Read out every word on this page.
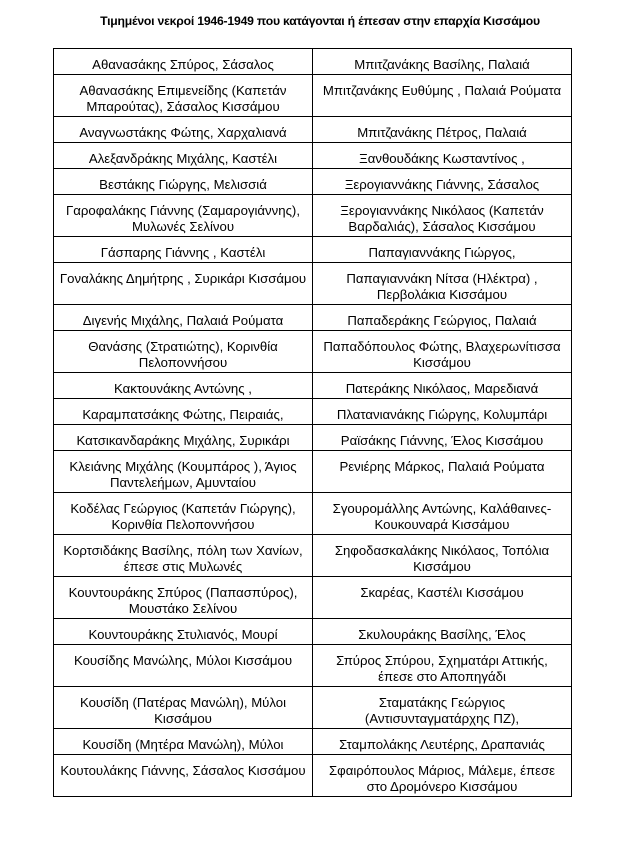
Τιμημένοι νεκροί 1946-1949 που κατάγονται ή έπεσαν στην επαρχία Κισσάμου
Αθανασάκης Σπύρος, Σάσαλος	Μπιτζανάκης Βασίλης, Παλαιά
Αθανασάκης Επιμενείδης (Καπετάν Μπαρούτας), Σάσαλος Κισσάμου	Μπιτζανάκης Ευθύμης , Παλαιά Ρούματα
Αναγνωστάκης Φώτης, Χαρχαλιανά	Μπιτζανάκης Πέτρος, Παλαιά
Αλεξανδράκης Μιχάλης, Καστέλι	Ξανθουδάκης Κωσταντίνος ,
Βεστάκης Γιώργης, Μελισσιά	Ξερογιαννάκης Γιάννης, Σάσαλος
Γαροφαλάκης Γιάννης (Σαμαρογιάννης), Μυλωνές Σελίνου	Ξερογιαννάκης Νικόλαος (Καπετάν Βαρδαλιάς), Σάσαλος Κισσάμου
Γάσπαρης Γιάννης , Καστέλι	Παπαγιαννάκης Γιώργος,
Γοναλάκης Δημήτρης , Συρικάρι Κισσάμου	Παπαγιαννάκη Νίτσα (Ηλέκτρα) , Περβολάκια Κισσάμου
Διγενής Μιχάλης, Παλαιά Ρούματα	Παπαδεράκης Γεώργιος, Παλαιά
Θανάσης (Στρατιώτης), Κορινθία Πελοποννήσου	Παπαδόπουλος Φώτης, Βλαχερωνίτισσα Κισσάμου
Κακτουνάκης Αντώνης ,	Πατεράκης Νικόλαος, Μαρεδιανά
Καραμπατσάκης Φώτης, Πειραιάς,	Πλατανιανάκης Γιώργης, Κολυμπάρι
Κατσικανδαράκης Μιχάλης, Συρικάρι	Ραϊσάκης Γιάννης, Έλος Κισσάμου
Κλειάνης Μιχάλης (Κουμπάρος ), Άγιος Παντελεήμων, Αμυνταίου	Ρενιέρης Μάρκος, Παλαιά Ρούματα
Κοδέλας Γεώργιος (Καπετάν Γιώργης), Κορινθία Πελοποννήσου	Σγουρομάλλης Αντώνης, Καλάθαινες-Κουκουναρά Κισσάμου
Κορτσιδάκης Βασίλης, πόλη των Χανίων, έπεσε στις Μυλωνές	Σηφοδασκαλάκης Νικόλαος, Τοπόλια Κισσάμου
Κουντουράκης Σπύρος (Παπασπύρος), Μουστάκο Σελίνου	Σκαρέας, Καστέλι Κισσάμου
Κουντουράκης Στυλιανός, Μουρί	Σκυλουράκης Βασίλης, Έλος
Κουσίδης Μανώλης, Μύλοι Κισσάμου	Σπύρος Σπύρου, Σχηματάρι Αττικής, έπεσε στο Αποπηγάδι
Κουσίδη (Πατέρας Μανώλη), Μύλοι Κισσάμου	Σταματάκης Γεώργιος (Αντισυνταγματάρχης ΠΖ),
Κουσίδη (Μητέρα Μανώλη), Μύλοι	Σταμπολάκης Λευτέρης, Δραπανιάς
Κουτουλάκης Γιάννης, Σάσαλος Κισσάμου	Σφαιρόπουλος Μάριος, Μάλεμε, έπεσε στο Δρομόνερο Κισσάμου
